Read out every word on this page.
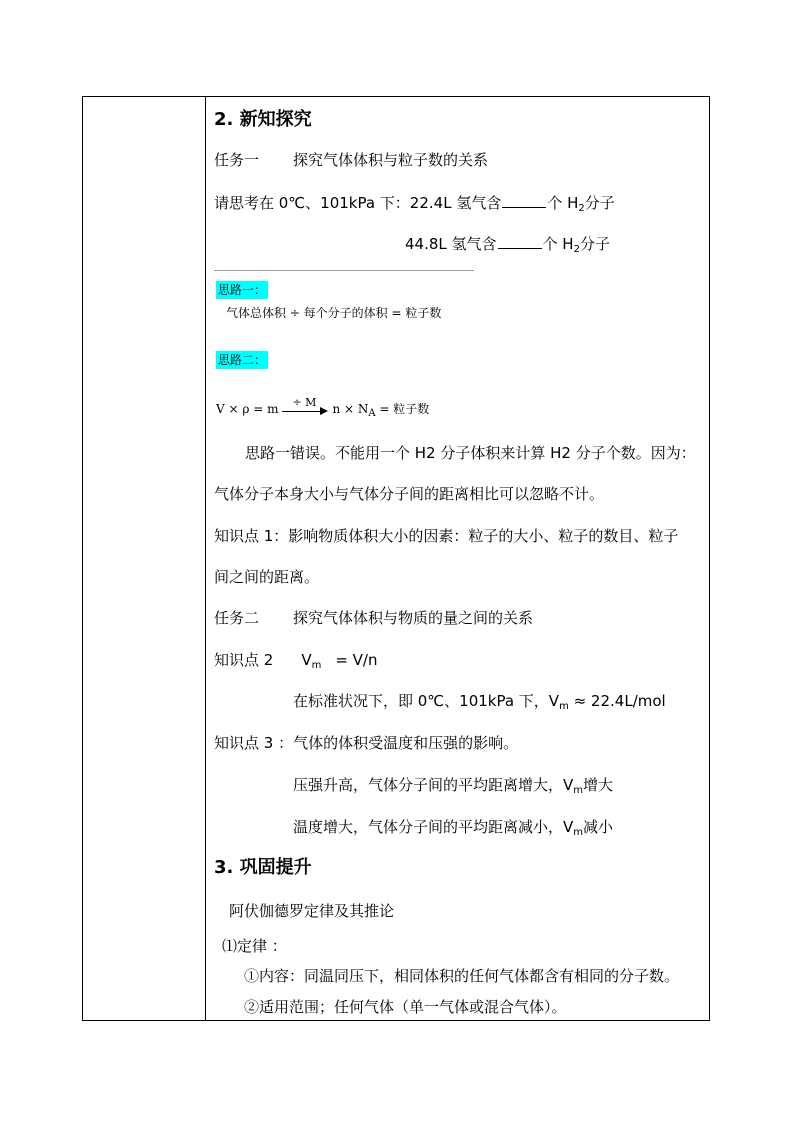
2. 新知探究
任务一 探究气体体积与粒子数的关系
请思考在 0℃、101kPa 下：22.4L 氢气含	个 $H_2$分子
44.8L 氢气含	个 $H_2$分子
思路一：
气体总体积 ÷ 每个分子的体积 = 粒子数
思路二：
V × ρ = m ÷ M $n \times N_A$ = 粒子数
思路一错误。不能用一个 H2 分子体积来计算 H2 分子个数。因为：
气体分子本身大小与气体分子间的距离相比可以忽略不计。
知识点 1：影响物质体积大小的因素：粒子的大小、粒子的数目、粒子
间之间的距离。
任务二 探究气体体积与物质的量之间的关系
知识点 2 $V_m = V/n$
在标准状况下，即 0℃、101kPa 下，$V_m \approx 22.4L/mol$
知识点 3 ：气体的体积受温度和压强的影响。
压强升高，气体分子间的平均距离增大，$V_m$增大
温度增大，气体分子间的平均距离减小，$V_m$减小
3. 巩固提升
阿伏伽德罗定律及其推论
⑴定律 ：
①内容：同温同压下，相同体积的任何气体都含有相同的分子数。
②适用范围；任何气体（单一气体或混合气体）。
